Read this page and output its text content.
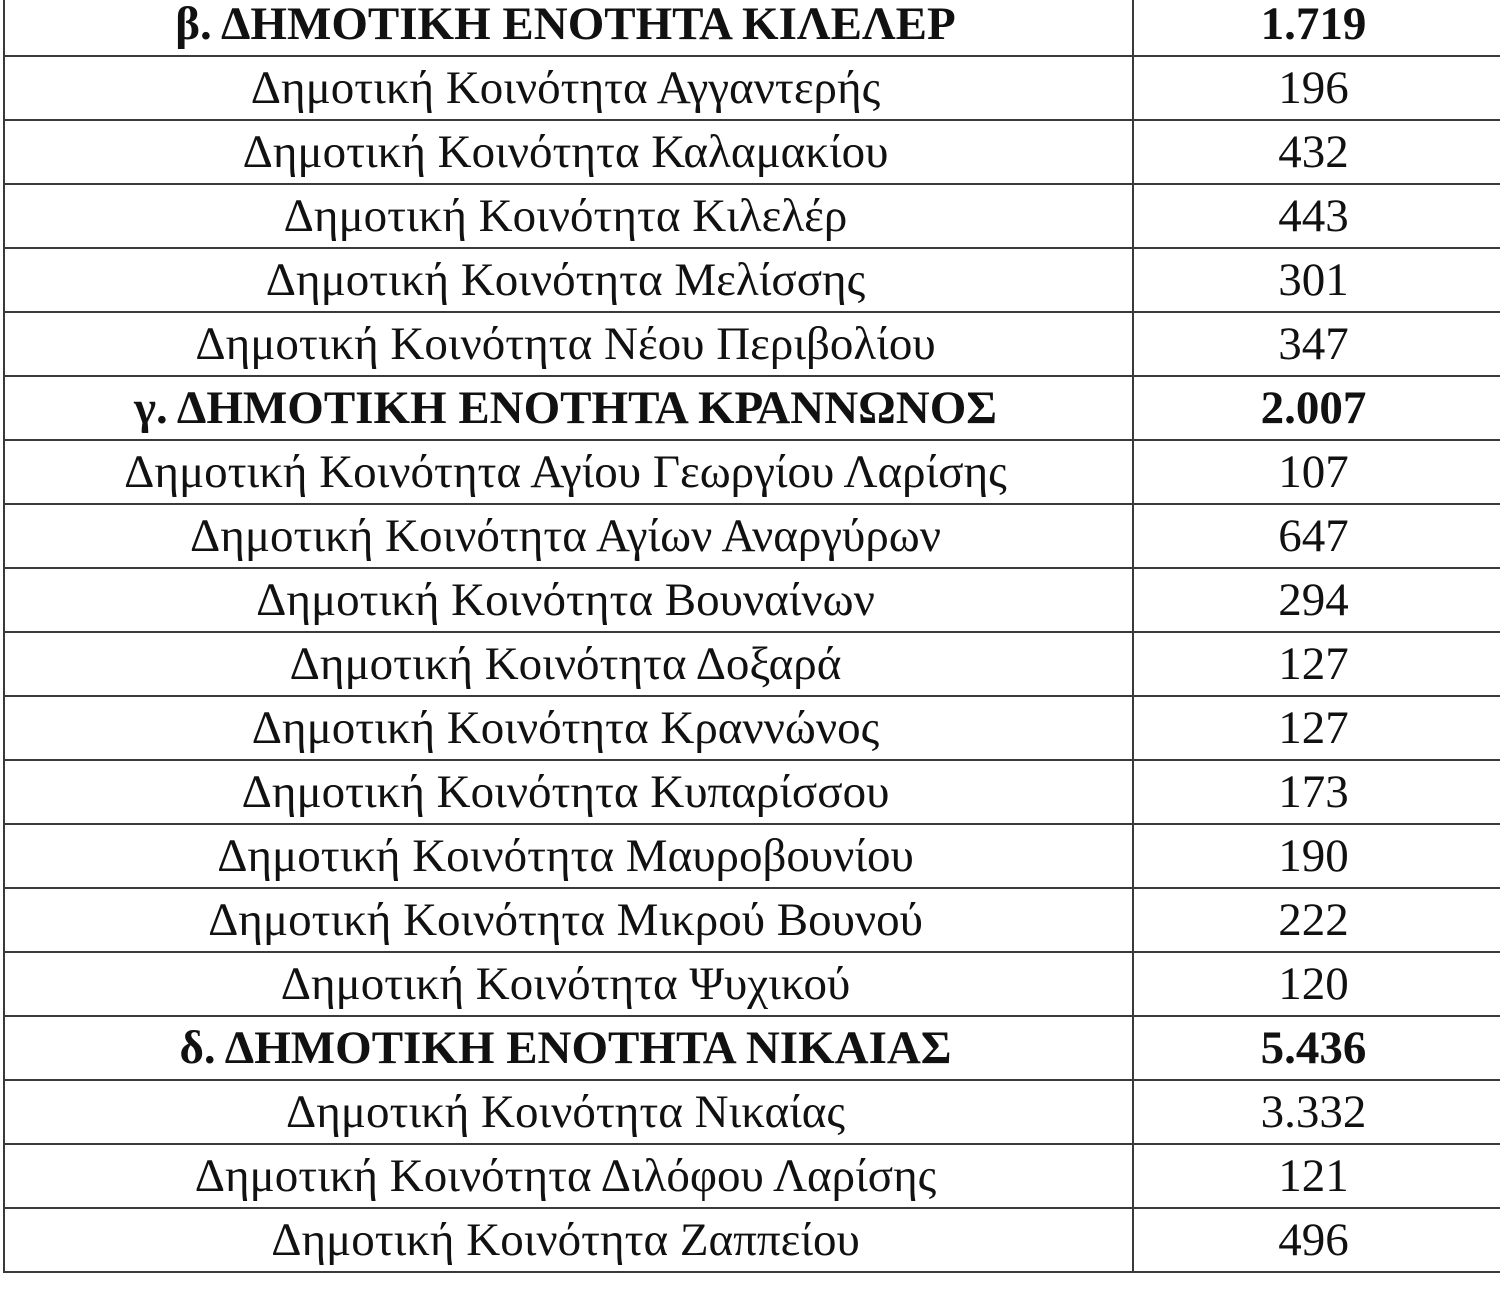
β. ΔΗΜΟΤΙΚΗ ΕΝΟΤΗΤΑ ΚΙΛΕΛΕΡ	1.719
Δημοτική Κοινότητα Αγγαντερής	196
Δημοτική Κοινότητα Καλαμακίου	432
Δημοτική Κοινότητα Κιλελέρ	443
Δημοτική Κοινότητα Μελίσσης	301
Δημοτική Κοινότητα Νέου Περιβολίου	347
γ. ΔΗΜΟΤΙΚΗ ΕΝΟΤΗΤΑ ΚΡΑΝΝΩΝΟΣ	2.007
Δημοτική Κοινότητα Αγίου Γεωργίου Λαρίσης	107
Δημοτική Κοινότητα Αγίων Αναργύρων	647
Δημοτική Κοινότητα Βουναίνων	294
Δημοτική Κοινότητα Δοξαρά	127
Δημοτική Κοινότητα Κραννώνος	127
Δημοτική Κοινότητα Κυπαρίσσου	173
Δημοτική Κοινότητα Μαυροβουνίου	190
Δημοτική Κοινότητα Μικρού Βουνού	222
Δημοτική Κοινότητα Ψυχικού	120
δ. ΔΗΜΟΤΙΚΗ ΕΝΟΤΗΤΑ ΝΙΚΑΙΑΣ	5.436
Δημοτική Κοινότητα Νικαίας	3.332
Δημοτική Κοινότητα Διλόφου Λαρίσης	121
Δημοτική Κοινότητα Ζαππείου	496
